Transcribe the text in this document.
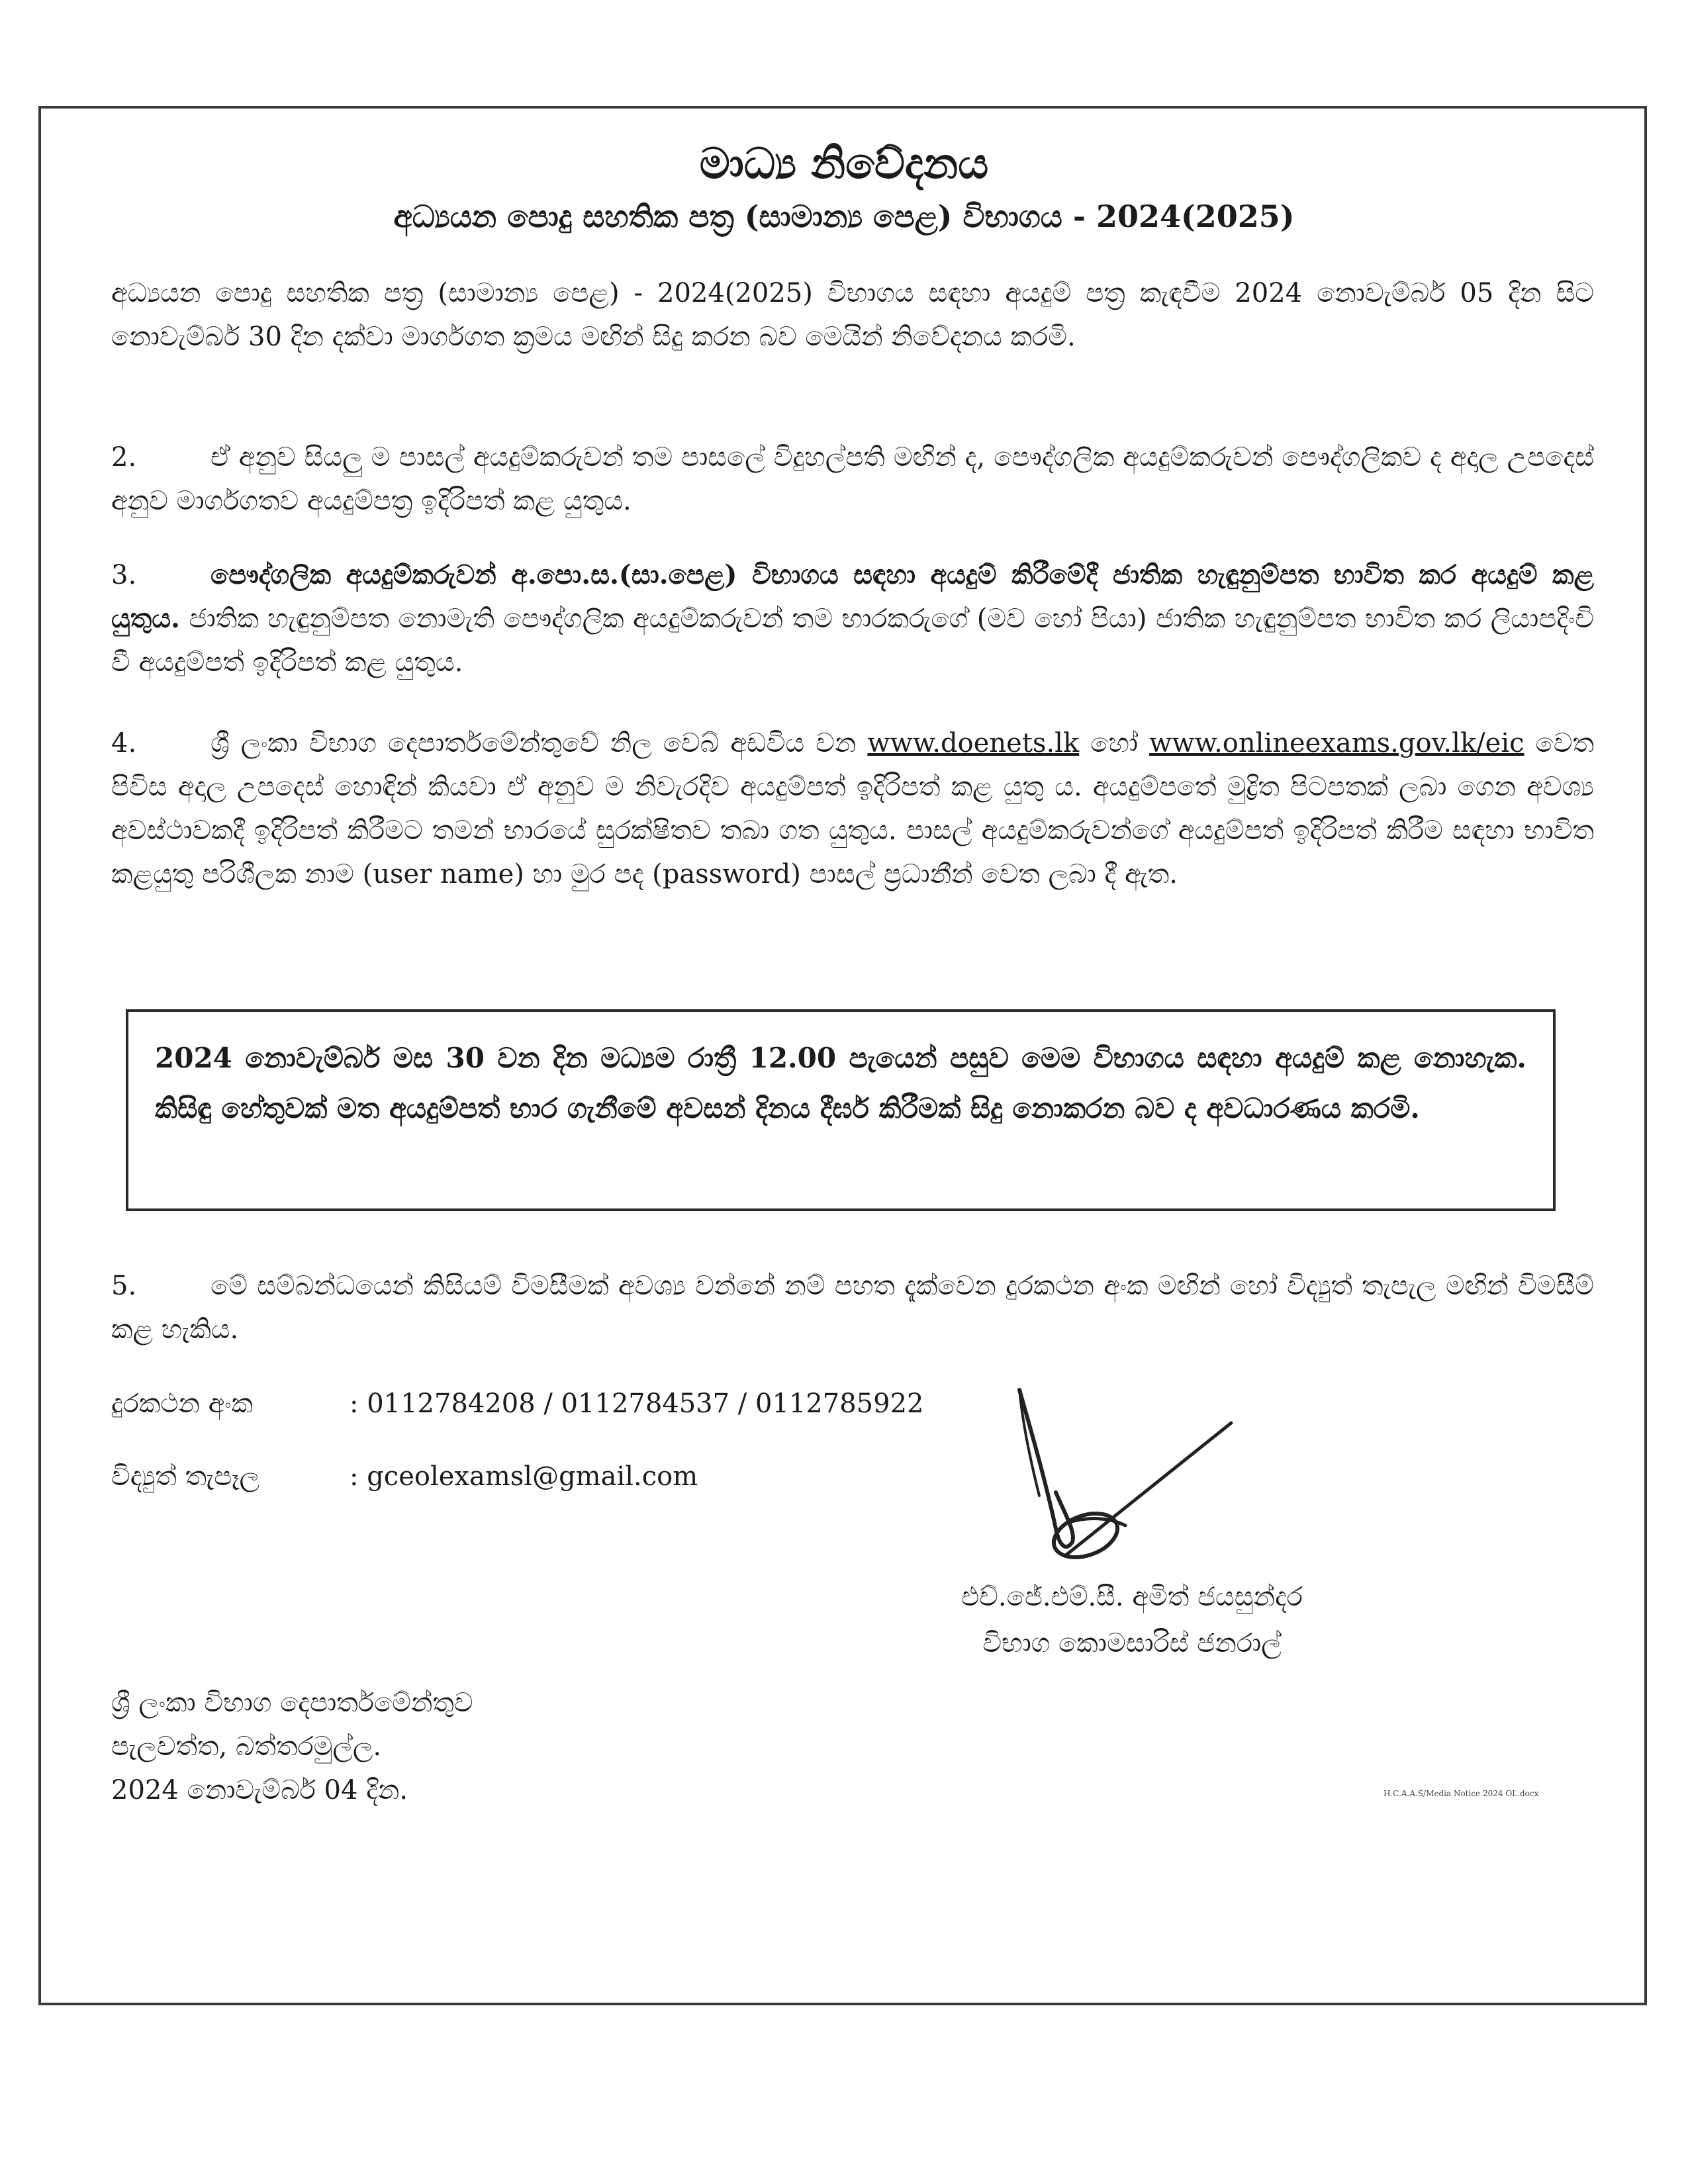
මාධ්‍ය නිවේදනය
අධ්‍යයන පොදු සහතික පත්‍ර (සාමාන්‍ය පෙළ) විභාගය - 2024(2025)
අධ්‍යයන පොදු සහතික පත්‍ර (සාමාන්‍ය පෙළ) - 2024(2025) විභාගය සඳහා අයදුම් පත්‍ර කැඳවීම 2024 නොවැම්බර් 05 දින සිට නොවැම්බර් 30 දින දක්වා මාර්ගගත ක්‍රමය මඟින් සිදු කරන බව මෙයින් නිවේදනය කරමි.
2.	ඒ අනුව සියලු ම පාසල් අයදුම්කරුවන් තම පාසලේ විදුහල්පති මඟින් ද, පෞද්ගලික අයදුම්කරුවන් පෞද්ගලිකව ද අදාල උපදෙස් අනුව මාර්ගගතව අයදුම්පත්‍ර ඉදිරිපත් කළ යුතුය.
3.	පෞද්ගලික අයදුම්කරුවන් අ.පො.ස.(සා.පෙළ) විභාගය සඳහා අයදුම් කිරීමේදී ජාතික හැඳුනුම්පත භාවිත කර අයදුම් කළ යුතුය. ජාතික හැඳුනුම්පත නොමැති පෞද්ගලික අයදුම්කරුවන් තම භාරකරුගේ (මව හෝ පියා) ජාතික හැඳුනුම්පත භාවිත කර ලියාපදිංචි වී අයදුම්පත් ඉදිරිපත් කළ යුතුය.
4.	ශ්‍රී ලංකා විභාග දෙපාර්තමේන්තුවේ නිල වෙබ් අඩවිය වන www.doenets.lk හෝ www.onlineexams.gov.lk/eic වෙත පිවිස අදාල උපදෙස් හොඳින් කියවා ඒ අනුව ම නිවැරදිව අයදුම්පත් ඉදිරිපත් කළ යුතු ය. අයදුම්පතේ මුද්‍රිත පිටපතක් ලබා ගෙන අවශ්‍ය අවස්ථාවකදී ඉදිරිපත් කිරීමට තමන් භාරයේ සුරක්ෂිතව තබා ගත යුතුය. පාසල් අයදුම්කරුවන්ගේ අයදුම්පත් ඉදිරිපත් කිරීම සඳහා භාවිත කළයුතු පරිශීලක නාම (user name) හා මුර පද (password) පාසල් ප්‍රධානීන් වෙත ලබා දී ඇත.
2024 නොවැම්බර් මස 30 වන දින මධ්‍යම රාත්‍රී 12.00 පැයෙන් පසුව මෙම විභාගය සඳහා අයදුම් කළ නොහැක. කිසිඳු හේතුවක් මත අයදුම්පත් භාර ගැනීමේ අවසන් දිනය දීර්ඝ කිරීමක් සිදු නොකරන බව ද අවධාරණය කරමි.
5.	මේ සම්බන්ධයෙන් කිසියම් විමසීමක් අවශ්‍ය වන්නේ නම් පහත දැක්වෙන දුරකථන අංක මඟින් හෝ විද්‍යුත් තැපැල මඟින් විමසීම් කළ හැකිය.
දුරකථන අංක	: 0112784208 / 0112784537 / 0112785922
විද්‍යුත් තැපෑල	: gceolexamsl@gmail.com
එච්.ජේ.එම්.සී. අමිත් ජයසුන්දර
විභාග කොමසාරිස් ජනරාල්
ශ්‍රී ලංකා විභාග දෙපාර්තමේන්තුව
පැලවත්ත, බත්තරමුල්ල.
2024 නොවැම්බර් 04 දින.	H.C.A.A.S/Media Notice 2024 OL.docx
